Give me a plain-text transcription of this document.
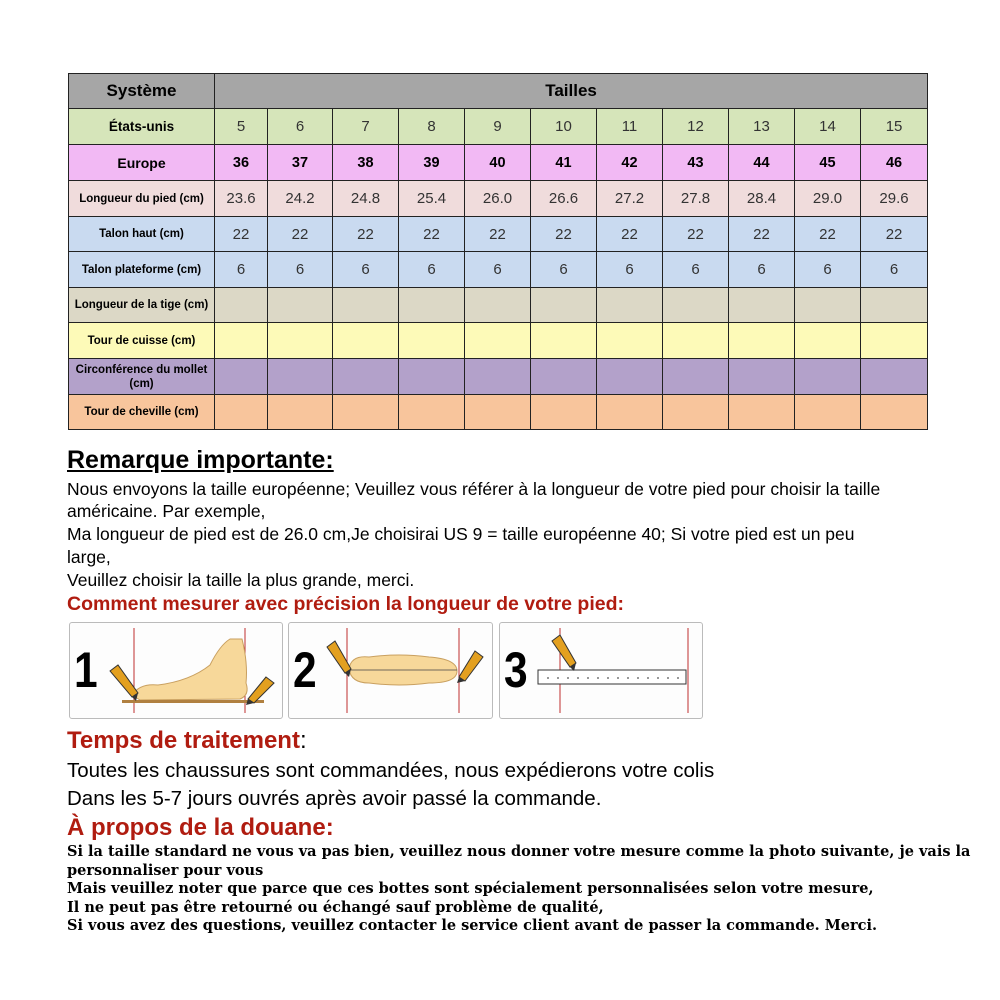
Système	Tailles										
États-unis	5	6	7	8	9	10	11	12	13	14	15
Europe	36	37	38	39	40	41	42	43	44	45	46
Longueur du pied (cm)	23.6	24.2	24.8	25.4	26.0	26.6	27.2	27.8	28.4	29.0	29.6
Talon haut (cm)	22	22	22	22	22	22	22	22	22	22	22
Talon plateforme (cm)	6	6	6	6	6	6	6	6	6	6	6
Longueur de la tige (cm)											
Tour de cuisse (cm)											
Circonférence du mollet (cm)											
Tour de cheville (cm)											
Remarque importante:

Nous envoyons la taille européenne; Veuillez vous référer à la longueur de votre pied pour choisir la taille

américaine. Par exemple,

Ma longueur de pied est de 26.0 cm,Je choisirai US 9 = taille européenne 40; Si votre pied est un peu

large,

Veuillez choisir la taille la plus grande, merci.

Comment mesurer avec précision la longueur de votre pied:
1	2	3
Temps de traitement:

Toutes les chaussures sont commandées, nous expédierons votre colis

Dans les 5-7 jours ouvrés après avoir passé la commande.

À propos de la douane:

Si la taille standard ne vous va pas bien, veuillez nous donner votre mesure comme la photo suivante, je vais la

personnaliser pour vous

Mais veuillez noter que parce que ces bottes sont spécialement personnalisées selon votre mesure,

Il ne peut pas être retourné ou échangé sauf problème de qualité,

Si vous avez des questions, veuillez contacter le service client avant de passer la commande. Merci.
